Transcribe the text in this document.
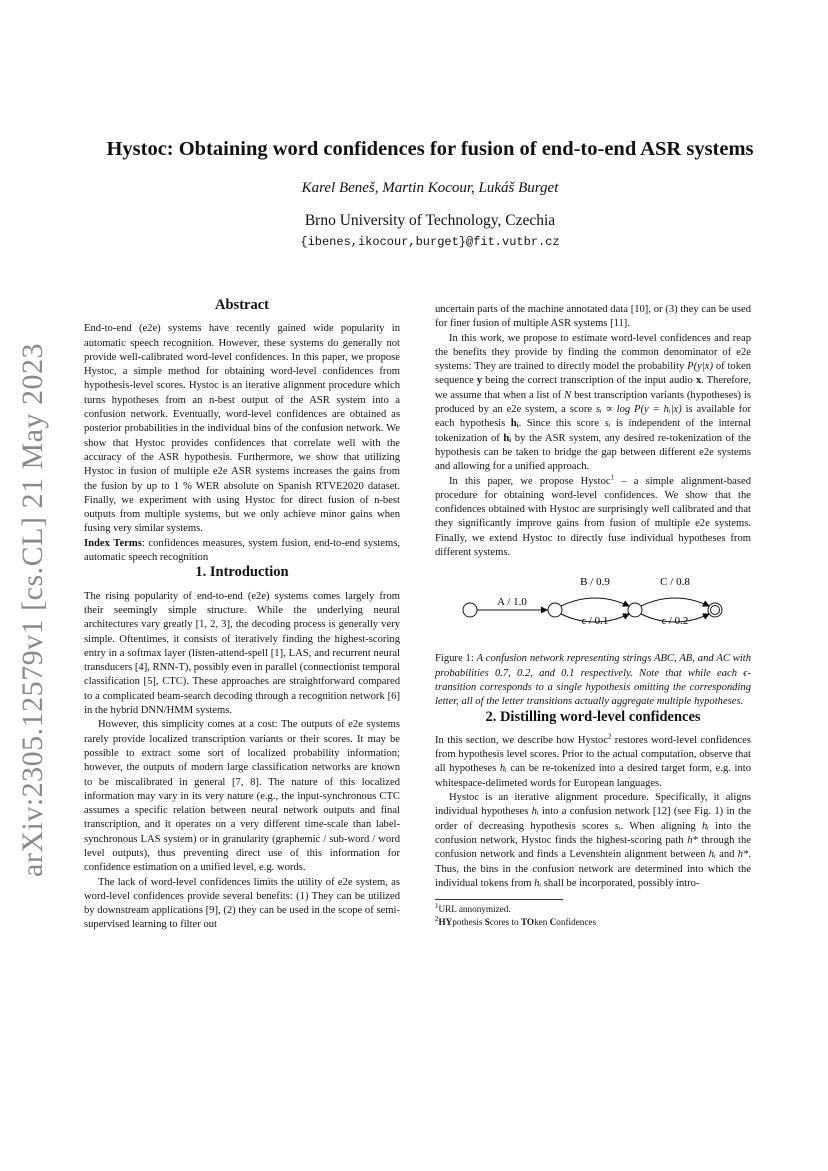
arXiv:2305.12579v1 [cs.CL] 21 May 2023
Hystoc: Obtaining word confidences for fusion of end-to-end ASR systems
Karel Beneš, Martin Kocour, Lukáš Burget
Brno University of Technology, Czechia
{ibenes,ikocour,burget}@fit.vutbr.cz
Abstract

End-to-end (e2e) systems have recently gained wide popularity in automatic speech recognition. However, these systems do generally not provide well-calibrated word-level confidences. In this paper, we propose Hystoc, a simple method for obtaining word-level confidences from hypothesis-level scores. Hystoc is an iterative alignment procedure which turns hypotheses from an n-best output of the ASR system into a confusion network. Eventually, word-level confidences are obtained as posterior probabilities in the individual bins of the confusion network. We show that Hystoc provides confidences that correlate well with the accuracy of the ASR hypothesis. Furthermore, we show that utilizing Hystoc in fusion of multiple e2e ASR systems increases the gains from the fusion by up to 1 % WER absolute on Spanish RTVE2020 dataset. Finally, we experiment with using Hystoc for direct fusion of n-best outputs from multiple systems, but we only achieve minor gains when fusing very similar systems.

Index Terms: confidences measures, system fusion, end-to-end systems, automatic speech recognition

1. Introduction

The rising popularity of end-to-end (e2e) systems comes largely from their seemingly simple structure. While the underlying neural architectures vary greatly [1, 2, 3], the decoding process is generally very simple. Oftentimes, it consists of iteratively finding the highest-scoring entry in a softmax layer (listen-attend-spell [1], LAS, and recurrent neural transducers [4], RNN-T), possibly even in parallel (connectionist temporal classification [5], CTC). These approaches are straightforward compared to a complicated beam-search decoding through a recognition network [6] in the hybrid DNN/HMM systems.

However, this simplicity comes at a cost: The outputs of e2e systems rarely provide localized transcription variants or their scores. It may be possible to extract some sort of localized probability information; however, the outputs of modern large classification networks are known to be miscalibrated in general [7, 8]. The nature of this localized information may vary in its very nature (e.g., the input-synchronous CTC assumes a specific relation between neural network outputs and final transcription, and it operates on a very different time-scale than label-synchronous LAS system) or in granularity (graphemic / sub-word / word level outputs), thus preventing direct use of this information for confidence estimation on a unified level, e.g. words.

The lack of word-level confidences limits the utility of e2e system, as word-level confidences provide several benefits: (1) They can be utilized by downstream applications [9], (2) they can be used in the scope of semi-supervised learning to filter out

uncertain parts of the machine annotated data [10], or (3) they can be used for finer fusion of multiple ASR systems [11].

In this work, we propose to estimate word-level confidences and reap the benefits they provide by finding the common denominator of e2e systems: They are trained to directly model the probability P(y|x) of token sequence y being the correct transcription of the input audio x. Therefore, we assume that when a list of N best transcription variants (hypotheses) is produced by an e2e system, a score sᵢ ∝ log P(y = hᵢ|x) is available for each hypothesis hᵢ. Since this score sᵢ is independent of the internal tokenization of hᵢ by the ASR system, any desired re-tokenization of the hypothesis can be taken to bridge the gap between different e2e systems and allowing for a unified approach.

In this paper, we propose Hystoc$^1$ – a simple alignment-based procedure for obtaining word-level confidences. We show that the confidences obtained with Hystoc are surprisingly well calibrated and that they significantly improve gains from fusion of multiple e2e systems. Finally, we extend Hystoc to directly fuse individual hypotheses from different systems.

A / 1.0
B / 0.9	C / 0.8
ϵ / 0.1	ϵ / 0.2

Figure 1: A confusion network representing strings ABC, AB, and AC with probabilities 0.7, 0.2, and 0.1 respectively. Note that while each ϵ-transition corresponds to a single hypothesis omitting the corresponding letter, all of the letter transitions actually aggregate multiple hypotheses.

2. Distilling word-level confidences

In this section, we describe how Hystoc$^2$ restores word-level confidences from hypothesis level scores. Prior to the actual computation, observe that all hypotheses hᵢ can be re-tokenized into a desired target form, e.g. into whitespace-delimeted words for European languages.

Hystoc is an iterative alignment procedure. Specifically, it aligns individual hypotheses hᵢ into a confusion network [12] (see Fig. 1) in the order of decreasing hypothesis scores sᵢ. When aligning hᵢ into the confusion network, Hystoc finds the highest-scoring path h* through the confusion network and finds a Levenshtein alignment between hᵢ and h*. Thus, the bins in the confusion network are determined into which the individual tokens from hᵢ shall be incorporated, possibly intro-

$^1$URL annonymized.
$^2$HYpothesis Scores to TOken Confidences
